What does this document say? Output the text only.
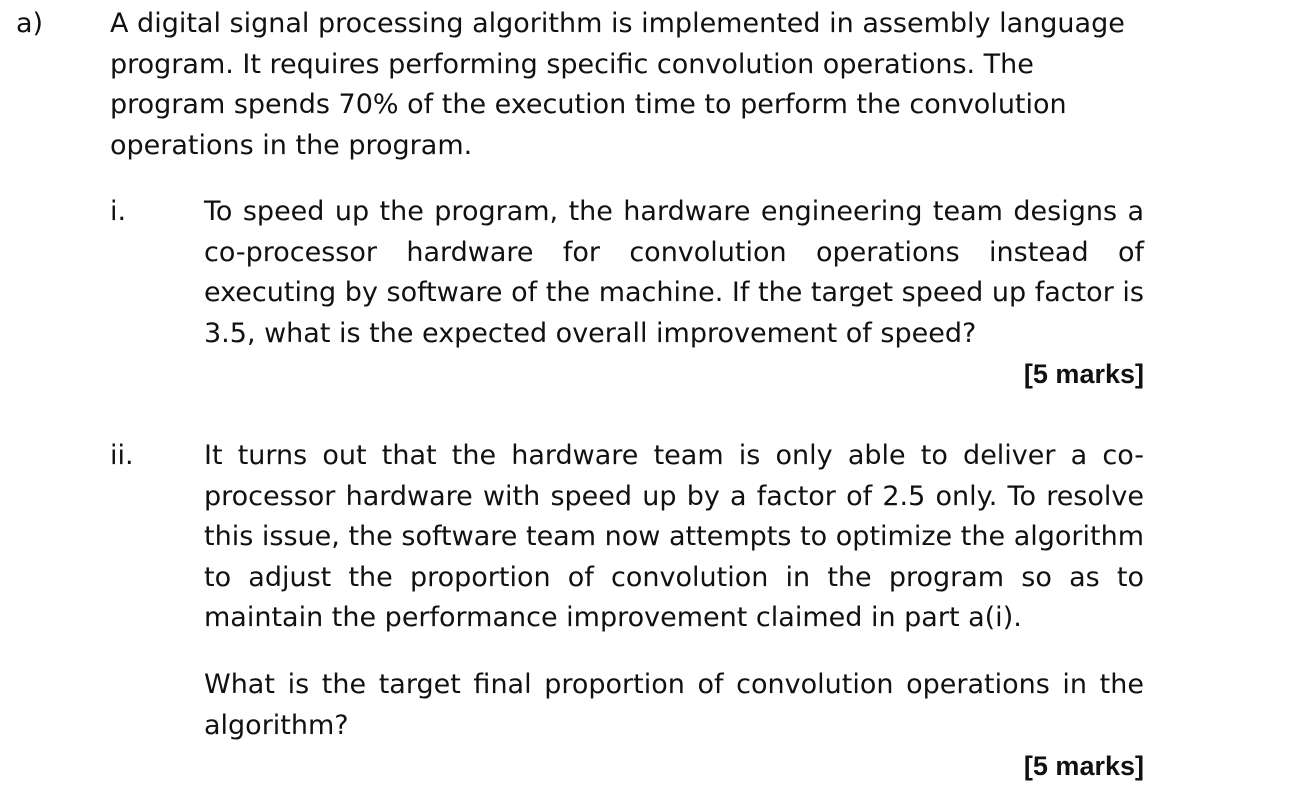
a) A digital signal processing algorithm is implemented in assembly language program. It requires performing specific convolution operations. The program spends 70% of the execution time to perform the convolution operations in the program.

i.	To speed up the program, the hardware engineering team designs a co-processor hardware for convolution operations instead of executing by software of the machine. If the target speed up factor is 3.5, what is the expected overall improvement of speed?

[5 marks]
ii.	It turns out that the hardware team is only able to deliver a co-processor hardware with speed up by a factor of 2.5 only. To resolve this issue, the software team now attempts to optimize the algorithm to adjust the proportion of convolution in the program so as to maintain the performance improvement claimed in part a(i).

What is the target final proportion of convolution operations in the algorithm?

[5 marks]
